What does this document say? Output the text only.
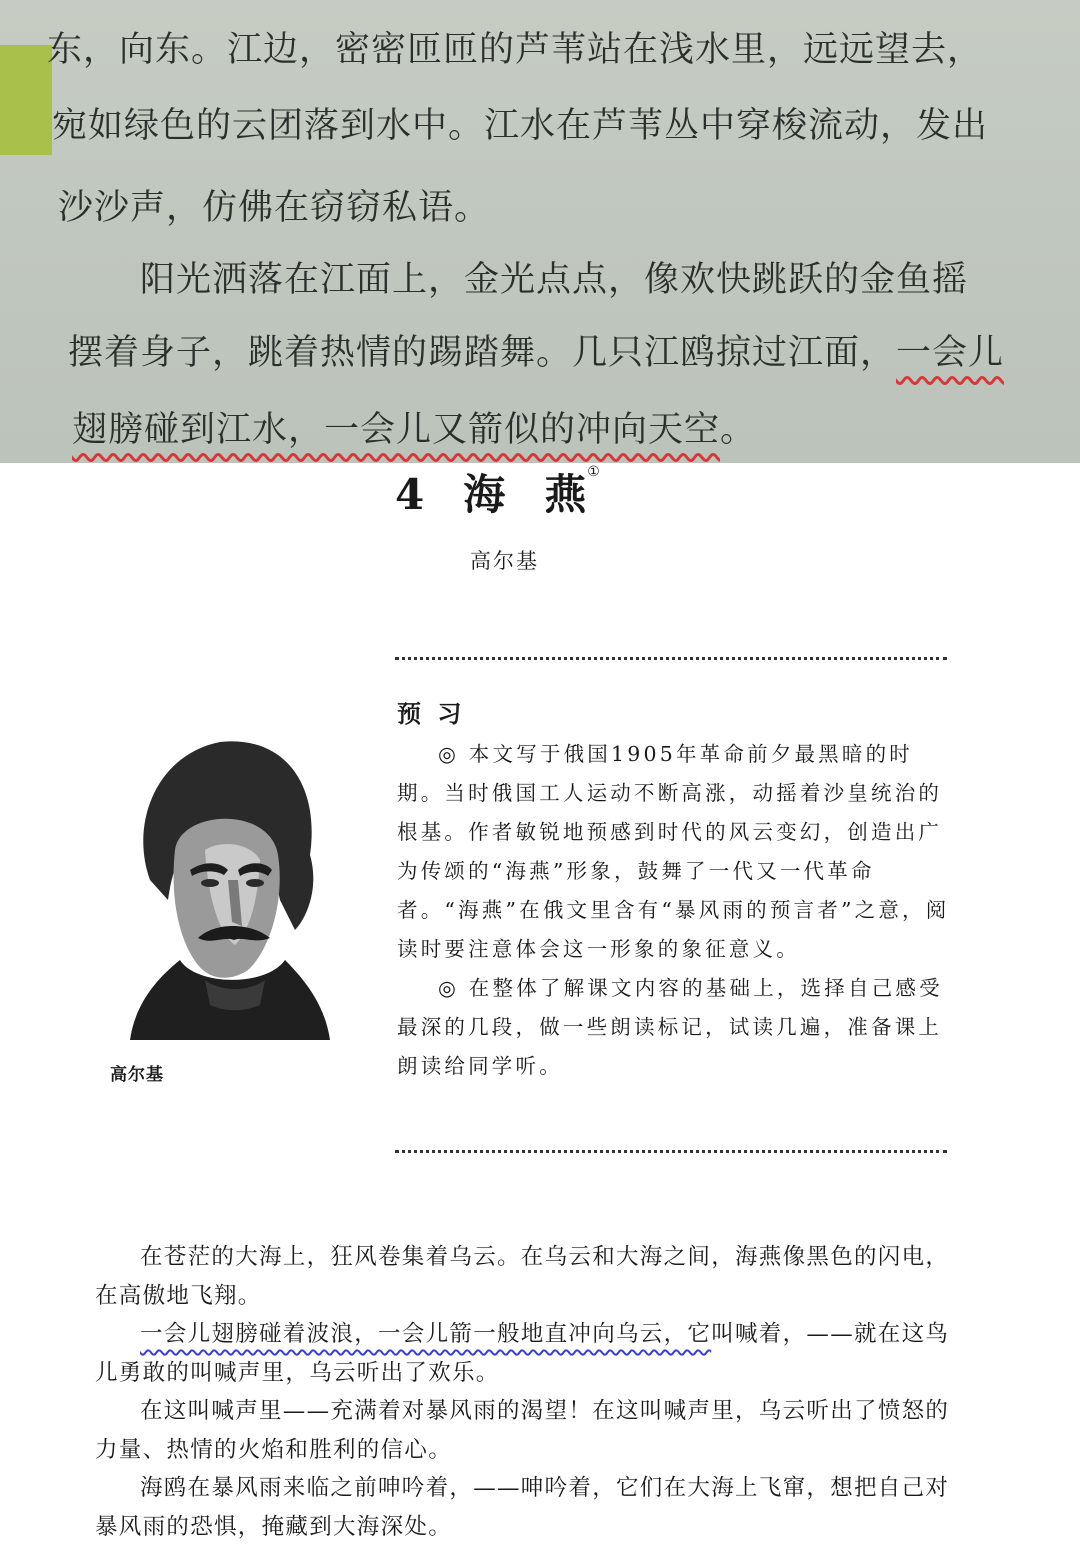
东，向东。江边，密密匝匝的芦苇站在浅水里，远远望去，
宛如绿色的云团落到水中。江水在芦苇丛中穿梭流动，发出
沙沙声，仿佛在窃窃私语。
阳光洒落在江面上，金光点点，像欢快跳跃的金鱼摇
摆着身子，跳着热情的踢踏舞。几只江鸥掠过江面，一会儿
翅膀碰到江水，一会儿又箭似的冲向天空。
4 海 燕①
高尔基
预 习

◎ 本文写于俄国1905年革命前夕最黑暗的时期。当时俄国工人运动不断高涨，动摇着沙皇统治的根基。作者敏锐地预感到时代的风云变幻，创造出广为传颂的“海燕”形象，鼓舞了一代又一代革命者。“海燕”在俄文里含有“暴风雨的预言者”之意，阅读时要注意体会这一形象的象征意义。

◎ 在整体了解课文内容的基础上，选择自己感受最深的几段，做一些朗读标记，试读几遍，准备课上朗读给同学听。

高尔基

在苍茫的大海上，狂风卷集着乌云。在乌云和大海之间，海燕像黑色的闪电，在高傲地飞翔。

一会儿翅膀碰着波浪，一会儿箭一般地直冲向乌云，它叫喊着，——就在这鸟儿勇敢的叫喊声里，乌云听出了欢乐。

在这叫喊声里——充满着对暴风雨的渴望！在这叫喊声里，乌云听出了愤怒的力量、热情的火焰和胜利的信心。

海鸥在暴风雨来临之前呻吟着，——呻吟着，它们在大海上飞窜，想把自己对暴风雨的恐惧，掩藏到大海深处。
